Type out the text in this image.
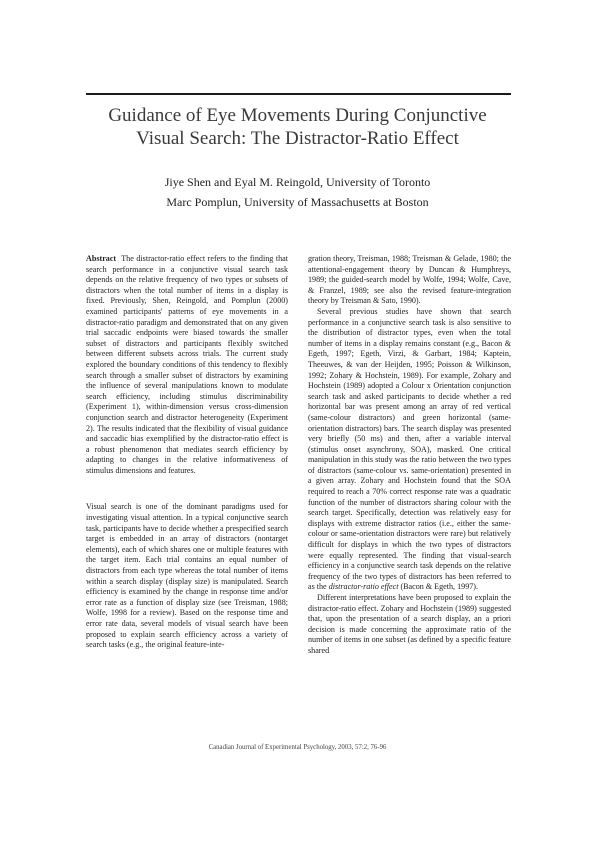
Guidance of Eye Movements During Conjunctive
Visual Search: The Distractor-Ratio Effect
Jiye Shen and Eyal M. Reingold, University of Toronto
Marc Pomplun, University of Massachusetts at Boston

Abstract The distractor-ratio effect refers to the finding that search performance in a conjunctive visual search task depends on the relative frequency of two types or subsets of distractors when the total number of items in a display is fixed. Previously, Shen, Reingold, and Pomplun (2000) examined participants' patterns of eye movements in a distractor-ratio paradigm and demonstrated that on any given trial saccadic endpoints were biased towards the smaller subset of distractors and participants flexibly switched between different subsets across trials. The current study explored the boundary conditions of this tendency to flexibly search through a smaller subset of distractors by examining the influence of several manipulations known to modulate search efficiency, including stimulus discriminability (Experiment 1), within-dimension versus cross-dimension conjunction search and distractor heterogeneity (Experiment 2). The results indicated that the flexibility of visual guidance and saccadic bias exemplified by the distractor-ratio effect is a robust phenomenon that mediates search efficiency by adapting to changes in the relative informativeness of stimulus dimensions and features.

Visual search is one of the dominant paradigms used for investigating visual attention. In a typical conjunctive search task, participants have to decide whether a prespecified search target is embedded in an array of distractors (nontarget elements), each of which shares one or multiple features with the target item. Each trial contains an equal number of distractors from each type whereas the total number of items within a search display (display size) is manipulated. Search efficiency is examined by the change in response time and/or error rate as a function of display size (see Treisman, 1988; Wolfe, 1998 for a review). Based on the response time and error rate data, several models of visual search have been proposed to explain search efficiency across a variety of search tasks (e.g., the original feature-inte-

gration theory, Treisman, 1988; Treisman & Gelade, 1980; the attentional-engagement theory by Duncan & Humphreys, 1989; the guided-search model by Wolfe, 1994; Wolfe, Cave, & Franzel, 1989; see also the revised feature-integration theory by Treisman & Sato, 1990).

Several previous studies have shown that search performance in a conjunctive search task is also sensitive to the distribution of distractor types, even when the total number of items in a display remains constant (e.g., Bacon & Egeth, 1997; Egeth, Virzi, & Garbart, 1984; Kaptein, Theeuwes, & van der Heijden, 1995; Poisson & Wilkinson, 1992; Zohary & Hochstein, 1989). For example, Zohary and Hochstein (1989) adopted a Colour x Orientation conjunction search task and asked participants to decide whether a red horizontal bar was present among an array of red vertical (same-colour distractors) and green horizontal (same-orientation distractors) bars. The search display was presented very briefly (50 ms) and then, after a variable interval (stimulus onset asynchrony, SOA), masked. One critical manipulation in this study was the ratio between the two types of distractors (same-colour vs. same-orientation) presented in a given array. Zohary and Hochstein found that the SOA required to reach a 70% correct response rate was a quadratic function of the number of distractors sharing colour with the search target. Specifically, detection was relatively easy for displays with extreme distractor ratios (i.e., either the same-colour or same-orientation distractors were rare) but relatively difficult for displays in which the two types of distractors were equally represented. The finding that visual-search efficiency in a conjunctive search task depends on the relative frequency of the two types of distractors has been referred to as the distractor-ratio effect (Bacon & Egeth, 1997).

Different interpretations have been proposed to explain the distractor-ratio effect. Zohary and Hochstein (1989) suggested that, upon the presentation of a search display, an a priori decision is made concerning the approximate ratio of the number of items in one subset (as defined by a specific feature shared

Canadian Journal of Experimental Psychology, 2003, 57:2, 76-96
